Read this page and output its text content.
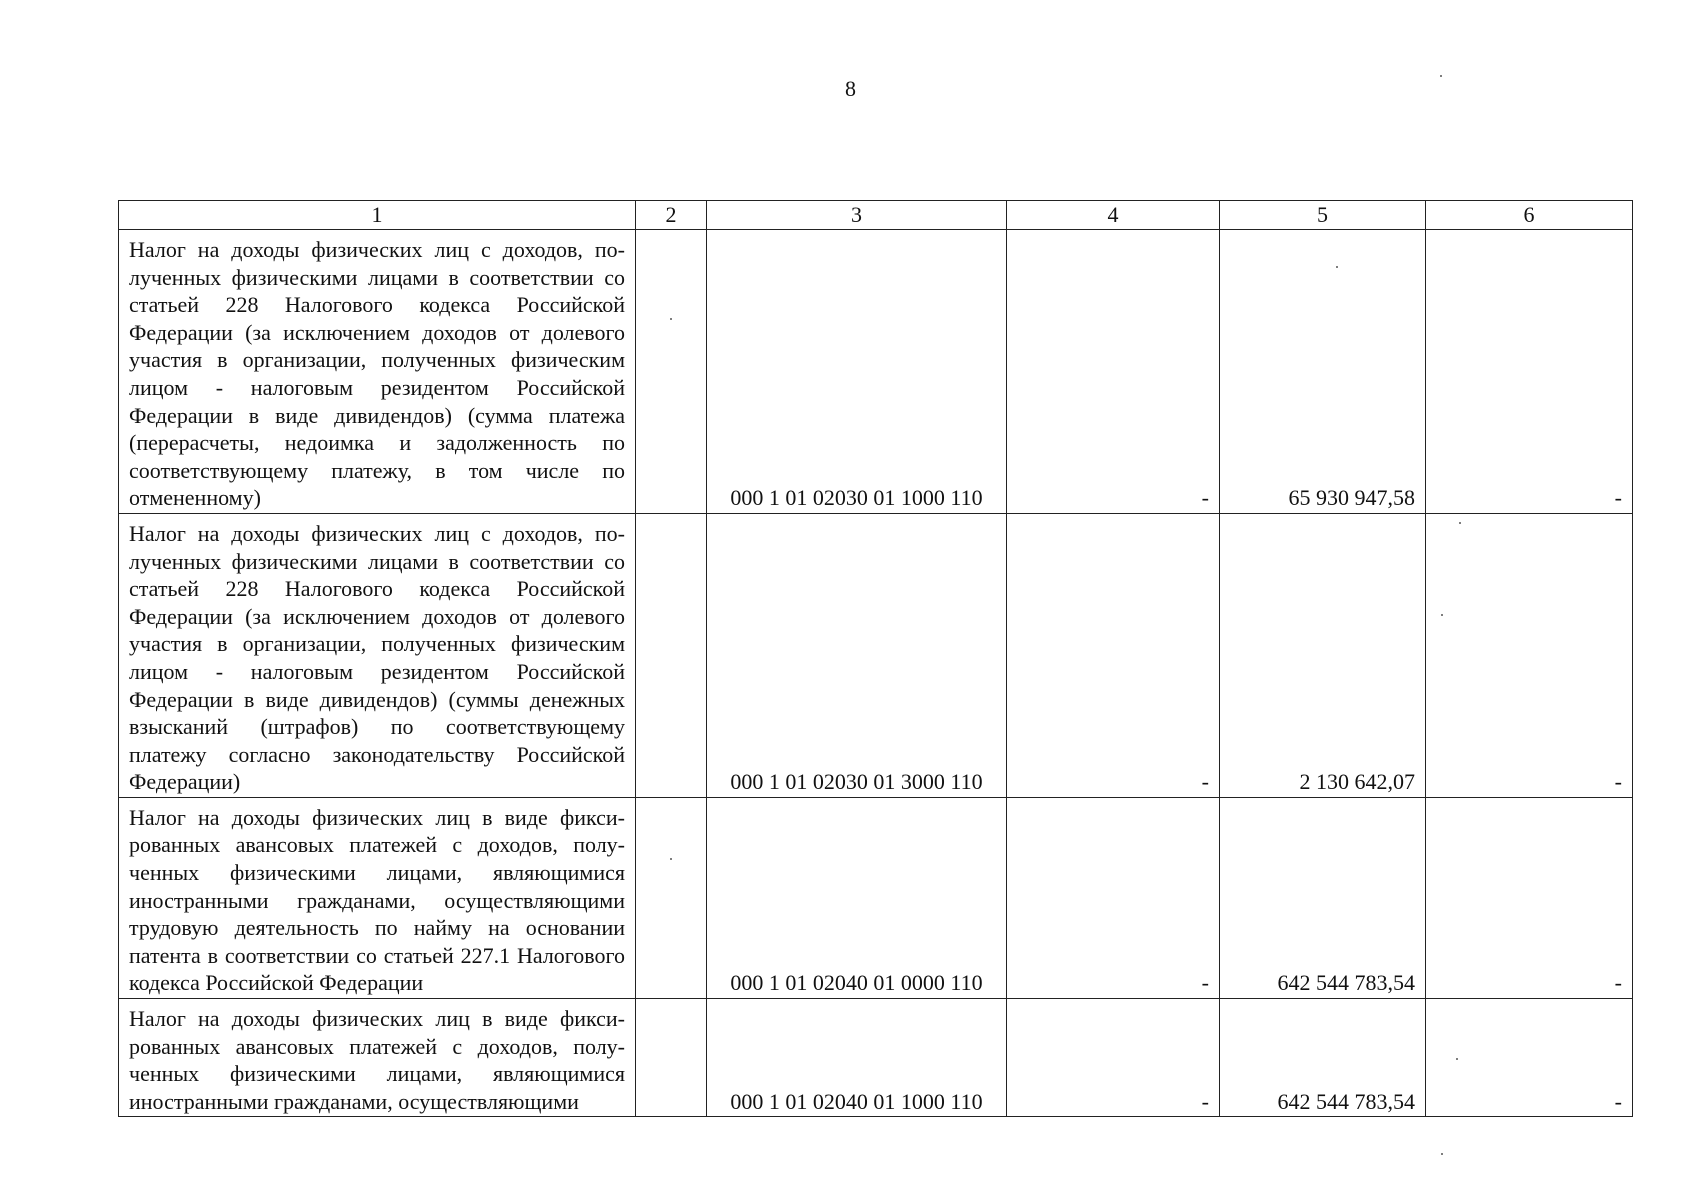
8
1	2	3	4	5	6
Налог на доходы физических лиц с доходов, полученных физическими лицами в соответствии со статьей 228 Налогового кодекса Российской Федерации (за исключением доходов от долевого участия в организации, полученных физическим лицом - налоговым резидентом Российской Федерации в виде дивидендов) (сумма платежа (перерасчеты, недоимка и задолженность по соответствующему платежу, в том числе по отмененному)		000 1 01 02030 01 1000 110	-	65 930 947,58	-
Налог на доходы физических лиц с доходов, полученных физическими лицами в соответствии со статьей 228 Налогового кодекса Российской Федерации (за исключением доходов от долевого участия в организации, полученных физическим лицом - налоговым резидентом Российской Федерации в виде дивидендов) (суммы денежных взысканий (штрафов) по соответствующему платежу согласно законодательству Российской Федерации)		000 1 01 02030 01 3000 110	-	2 130 642,07	-
Налог на доходы физических лиц в виде фиксированных авансовых платежей с доходов, полученных физическими лицами, являющимися иностранными гражданами, осуществляющими трудовую деятельность по найму на основании патента в соответствии со статьей 227.1 Налогового кодекса Российской Федерации		000 1 01 02040 01 0000 110	-	642 544 783,54	-
Налог на доходы физических лиц в виде фиксированных авансовых платежей с доходов, полученных физическими лицами, являющимися иностранными гражданами, осуществляющими		000 1 01 02040 01 1000 110	-	642 544 783,54	-
